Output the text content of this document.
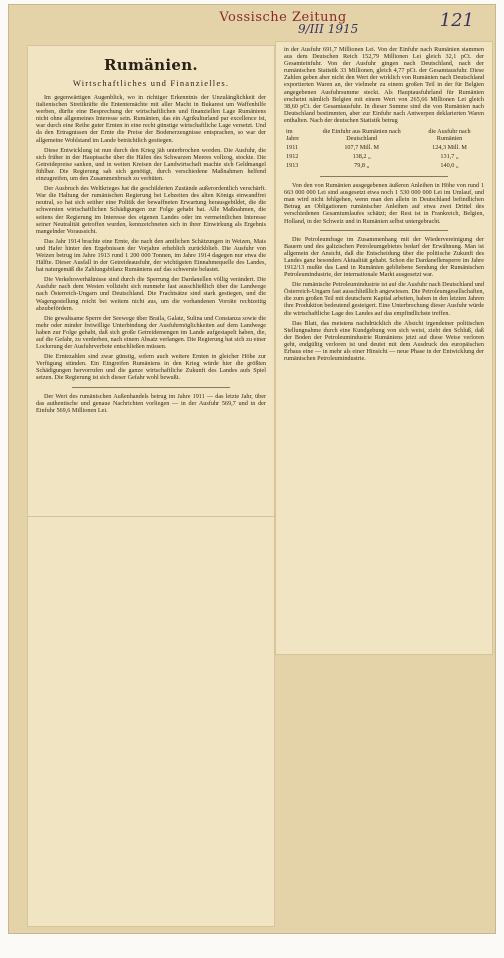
Vossische Zeitung
9/III 1915	121
Rumänien.
Wirtschaftliches und Finanzielles.

Im gegenwärtigen Augenblick, wo in richtiger Erkenntnis der Unzulänglichkeit der italienischen Streitkräfte die Ententemächte mit aller Macht in Bukarest um Waffenhilfe werben, dürfte eine Besprechung der wirtschaftlichen und finanziellen Lage Rumäniens nicht ohne allgemeines Interesse sein. Rumänien, das ein Agrikulturland par excellence ist, war durch eine Reihe guter Ernten in eine recht günstige wirtschaftliche Lage versetzt. Und da den Ertragnissen der Ernte die Preise der Bodenerzeugnisse entsprachen, so war der allgemeine Wohlstand im Lande beträchtlich gestiegen.

Diese Entwicklung ist nun durch den Krieg jäh unterbrochen worden. Die Ausfuhr, die sich früher in der Hauptsache über die Häfen des Schwarzen Meeres vollzog, stockte. Die Getreidepreise sanken, und in weiten Kreisen der Landwirtschaft machte sich Geldmangel fühlbar. Die Regierung sah sich genötigt, durch verschiedene Maßnahmen helfend einzugreifen, um den Zusammenbruch zu verhüten.

Der Ausbruch des Weltkrieges hat die geschilderten Zustände außerordentlich verschärft. War die Haltung der rumänischen Regierung bei Lebzeiten des alten Königs einwandfrei neutral, so hat sich seither eine Politik der bewaffneten Erwartung herausgebildet, die die schwersten wirtschaftlichen Schädigungen zur Folge gehabt hat. Alle Maßnahmen, die seitens der Regierung im Interesse des eigenen Landes oder im vermeintlichen Interesse seiner Neutralität getroffen wurden, kennzeichneten sich in ihrer Einwirkung als Ergebnis mangelnder Voraussicht.

Das Jahr 1914 brachte eine Ernte, die nach den amtlichen Schätzungen in Weizen, Mais und Hafer hinter den Ergebnissen der Vorjahre erheblich zurückblieb. Die Ausfuhr von Weizen betrug im Jahre 1913 rund 1 200 000 Tonnen, im Jahre 1914 dagegen nur etwa die Hälfte. Dieser Ausfall in der Getreideausfuhr, der wichtigsten Einnahmequelle des Landes, hat naturgemäß die Zahlungsbilanz Rumäniens auf das schwerste belastet.

Die Verkehrsverhältnisse sind durch die Sperrung der Dardanellen völlig verändert. Die Ausfuhr nach dem Westen vollzieht sich nunmehr fast ausschließlich über die Landwege nach Österreich-Ungarn und Deutschland. Die Frachtsätze sind stark gestiegen, und die Wagengestellung reicht bei weitem nicht aus, um die vorhandenen Vorräte rechtzeitig abzubefördern.

Die gewaltsame Sperre der Seewege über Braila, Galatz, Sulina und Constanza sowie die mehr oder minder freiwillige Unterbindung der Ausfuhrmöglichkeiten auf dem Landwege haben zur Folge gehabt, daß sich große Getreidemengen im Lande aufgestapelt haben, die, auf die Gefahr, zu verderben, nach einem Absatz verlangen. Die Regierung hat sich zu einer Lockerung der Ausfuhrverbote entschließen müssen.

Die Erntezahlen sind zwar günstig, sofern auch weitere Ernten in gleicher Höhe zur Verfügung stünden. Ein Eingreifen Rumäniens in den Krieg würde hier die größten Schädigungen hervorrufen und die ganze wirtschaftliche Zukunft des Landes aufs Spiel setzen. Die Regierung ist sich dieser Gefahr wohl bewußt.

Der Wert des rumänischen Außenhandels betrug im Jahre 1911 — das letzte Jahr, über das authentische und genaue Nachrichten vorliegen — in der Ausfuhr 569,7 und in der Einfuhr 569,6 Millionen Lei.

in der Ausfuhr 691,7 Millionen Lei. Von der Einfuhr nach Rumänien stammen aus dem Deutschen Reich 152,79 Millionen Lei gleich 32,1 pCt. der Gesamteinfuhr. Von der Ausfuhr gingen nach Deutschland, nach der rumänischen Statistik 33 Millionen, gleich 4,77 pCt. der Gesamtausfuhr. Diese Zahlen geben aber nicht den Wert der wirklich von Rumänien nach Deutschland exportierten Waren an, der vielmehr zu einem großen Teil in der für Belgien angegebenen Ausfuhrsumme steckt. Als Hauptausfuhrland für Rumänien erscheint nämlich Belgien mit einem Wert von 265,66 Millionen Lei gleich 38,60 pCt. der Gesamtausfuhr. In dieser Summe sind die von Rumänien nach Deutschland bestimmten, aber zur Einfuhr nach Antwerpen deklarierten Waren enthalten. Nach der deutschen Statistik betrug

im Jahre	die Einfuhr aus Rumänien nach Deutschland	die Ausfuhr nach Rumänien
1911	107,7 Mill. M	124,3 Mill. M
1912	138,2 „	131,7 „
1913	79,8 „	140,0 „

Von den von Rumänien ausgegebenen äußeren Anleihen in Höhe von rund 1 663 000 000 Lei sind ausgesetzt etwa noch 1 530 000 000 Lei im Umlauf, und man wird nicht fehlgehen, wenn man den allein in Deutschland befindlichen Betrag an Obligationen rumänischer Anleihen auf etwa zwei Drittel des verschiedenen Gesamtumlaufes schätzt; der Rest ist in Frankreich, Belgien, Holland, in der Schweiz und in Rumänien selbst untergebracht.

Die Petroleumfrage im Zusammenhang mit der Wiedervereinigung der Bauern und des galizischen Petroleumgebietes bedarf der Erwähnung. Man ist allgemein der Ansicht, daß die Entscheidung über die politische Zukunft des Landes ganz besonders Aktualität gehabt. Schon die Dardanellensperre im Jahre 1912/13 mußte das Land in Rumänien gebliebene Sendung der Rumänischen Petroleumindustrie, der internationale Markt ausgesetzt war.

Die rumänische Petroleumindustrie ist auf die Ausfuhr nach Deutschland und Österreich-Ungarn fast ausschließlich angewiesen. Die Petroleumgesellschaften, die zum großen Teil mit deutschem Kapital arbeiten, haben in den letzten Jahren ihre Produktion bedeutend gesteigert. Eine Unterbrechung dieser Ausfuhr würde die wirtschaftliche Lage des Landes auf das empfindlichste treffen.

Das Blatt, das meistens nachdrücklich die Absicht irgendeiner politischen Stellungnahme durch eine Kundgebung von sich weist, zieht den Schluß, daß der Boden der Petroleumindustrie Rumäniens jetzt auf diese Weise verloren geht, endgültig verloren ist und deutet mit dem Ausdruck des europäischen Erbaus eine — in mehr als einer Hinsicht — neue Phase in der Entwicklung der rumänischen Petroleumindustrie.
